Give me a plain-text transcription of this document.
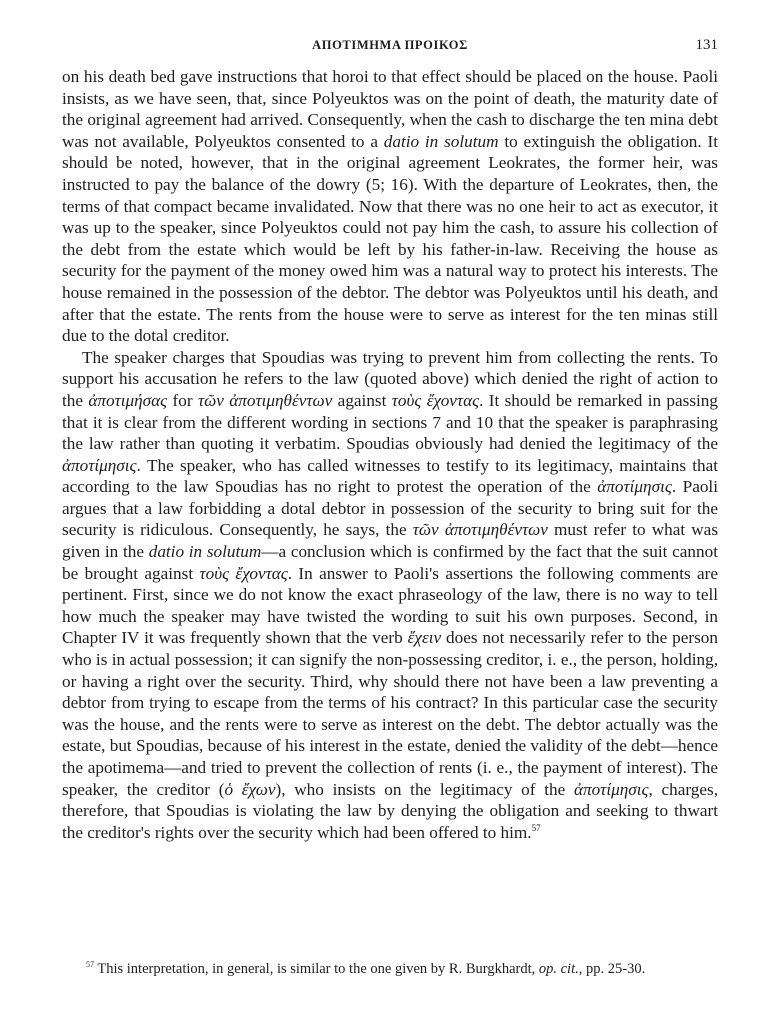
ΑΠΟΤΙΜΗΜΑ ΠΡΟΙΚΟΣ	131

on his death bed gave instructions that horoi to that effect should be placed on the house. Paoli insists, as we have seen, that, since Polyeuktos was on the point of death, the maturity date of the original agreement had arrived. Consequently, when the cash to discharge the ten mina debt was not available, Polyeuktos consented to a datio in solutum to extinguish the obligation. It should be noted, however, that in the original agreement Leokrates, the former heir, was instructed to pay the balance of the dowry (5; 16). With the departure of Leokrates, then, the terms of that compact became invalidated. Now that there was no one heir to act as executor, it was up to the speaker, since Polyeuktos could not pay him the cash, to assure his collection of the debt from the estate which would be left by his father-in-law. Receiving the house as security for the payment of the money owed him was a natural way to protect his interests. The house remained in the possession of the debtor. The debtor was Polyeuktos until his death, and after that the estate. The rents from the house were to serve as interest for the ten minas still due to the dotal creditor.

The speaker charges that Spoudias was trying to prevent him from collecting the rents. To support his accusation he refers to the law (quoted above) which denied the right of action to the ἀποτιμήσας for τῶν ἀποτιμηθέντων against τοὺς ἔχοντας. It should be remarked in passing that it is clear from the different wording in sections 7 and 10 that the speaker is paraphrasing the law rather than quoting it verbatim. Spoudias obviously had denied the legitimacy of the ἀποτίμησις. The speaker, who has called witnesses to testify to its legitimacy, maintains that according to the law Spoudias has no right to protest the operation of the ἀποτίμησις. Paoli argues that a law forbidding a dotal debtor in possession of the security to bring suit for the security is ridiculous. Consequently, he says, the τῶν ἀποτιμηθέντων must refer to what was given in the datio in solutum—a conclusion which is confirmed by the fact that the suit cannot be brought against τοὺς ἔχοντας. In answer to Paoli's assertions the following comments are pertinent. First, since we do not know the exact phraseology of the law, there is no way to tell how much the speaker may have twisted the wording to suit his own purposes. Second, in Chapter IV it was frequently shown that the verb ἔχειν does not necessarily refer to the person who is in actual possession; it can signify the non-possessing creditor, i. e., the person, holding, or having a right over the security. Third, why should there not have been a law preventing a debtor from trying to escape from the terms of his contract? In this particular case the security was the house, and the rents were to serve as interest on the debt. The debtor actually was the estate, but Spoudias, because of his interest in the estate, denied the validity of the debt—hence the apotimema—and tried to prevent the collection of rents (i. e., the payment of interest). The speaker, the creditor (ὁ ἔχων), who insists on the legitimacy of the ἀποτίμησις, charges, therefore, that Spoudias is violating the law by denying the obligation and seeking to thwart the creditor's rights over the security which had been offered to him.$^{57}$

$^{57}$ This interpretation, in general, is similar to the one given by R. Burgkhardt, op. cit., pp. 25-30.
